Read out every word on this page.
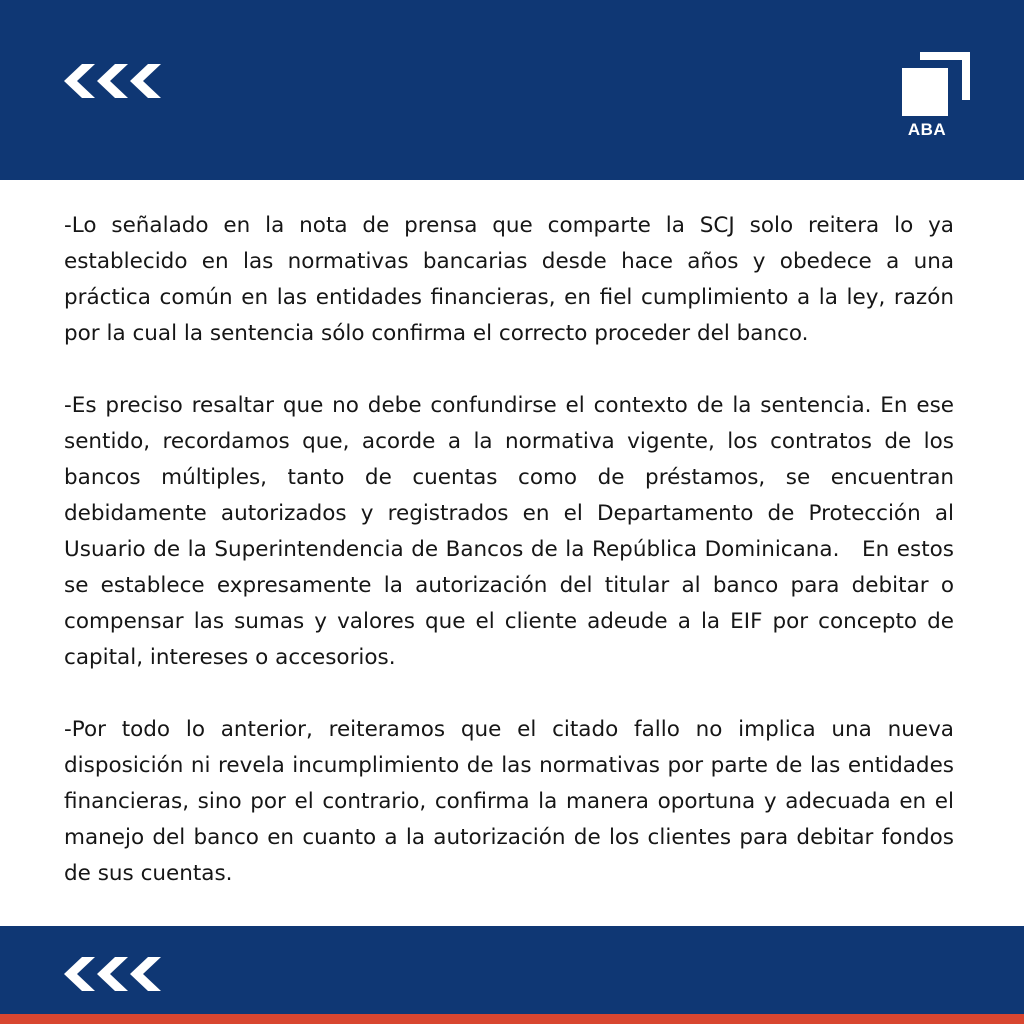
ABA

-Lo señalado en la nota de prensa que comparte la SCJ solo reitera lo ya establecido en las normativas bancarias desde hace años y obedece a una práctica común en las entidades financieras, en fiel cumplimiento a la ley, razón por la cual la sentencia sólo confirma el correcto proceder del banco.

-Es preciso resaltar que no debe confundirse el contexto de la sentencia. En ese sentido, recordamos que, acorde a la normativa vigente, los contratos de los bancos múltiples, tanto de cuentas como de préstamos, se encuentran debidamente autorizados y registrados en el Departamento de Protección al Usuario de la Superintendencia de Bancos de la República Dominicana.   En estos se establece expresamente la autorización del titular al banco para debitar o compensar las sumas y valores que el cliente adeude a la EIF por concepto de capital, intereses o accesorios.

-Por todo lo anterior, reiteramos que el citado fallo no implica una nueva disposición ni revela incumplimiento de las normativas por parte de las entidades financieras, sino por el contrario, confirma la manera oportuna y adecuada en el manejo del banco en cuanto a la autorización de los clientes para debitar fondos de sus cuentas.
